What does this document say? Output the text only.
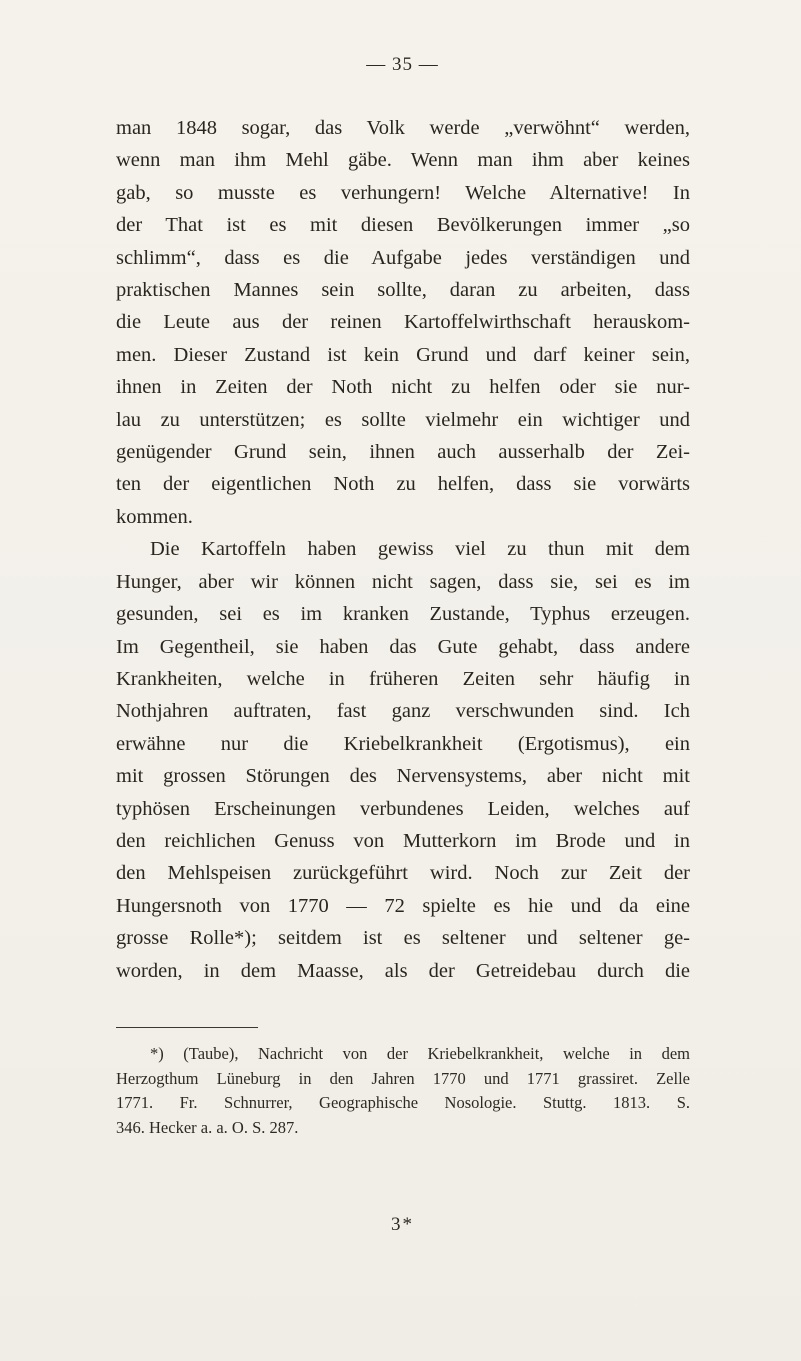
— 35 —
man 1848 sogar, das Volk werde „verwöhnt“ werden,
wenn man ihm Mehl gäbe. Wenn man ihm aber keines
gab, so musste es verhungern! Welche Alternative! In
der That ist es mit diesen Bevölkerungen immer „so
schlimm“, dass es die Aufgabe jedes verständigen und
praktischen Mannes sein sollte, daran zu arbeiten, dass
die Leute aus der reinen Kartoffelwirthschaft herauskom-
men. Dieser Zustand ist kein Grund und darf keiner sein,
ihnen in Zeiten der Noth nicht zu helfen oder sie nur-
lau zu unterstützen; es sollte vielmehr ein wichtiger und
genügender Grund sein, ihnen auch ausserhalb der Zei-
ten der eigentlichen Noth zu helfen, dass sie vorwärts
kommen.
Die Kartoffeln haben gewiss viel zu thun mit dem
Hunger, aber wir können nicht sagen, dass sie, sei es im
gesunden, sei es im kranken Zustande, Typhus erzeugen.
Im Gegentheil, sie haben das Gute gehabt, dass andere
Krankheiten, welche in früheren Zeiten sehr häufig in
Nothjahren auftraten, fast ganz verschwunden sind. Ich
erwähne nur die Kriebelkrankheit (Ergotismus), ein
mit grossen Störungen des Nervensystems, aber nicht mit
typhösen Erscheinungen verbundenes Leiden, welches auf
den reichlichen Genuss von Mutterkorn im Brode und in
den Mehlspeisen zurückgeführt wird. Noch zur Zeit der
Hungersnoth von 1770 — 72 spielte es hie und da eine
grosse Rolle*); seitdem ist es seltener und seltener ge-
worden, in dem Maasse, als der Getreidebau durch die
*) (Taube), Nachricht von der Kriebelkrankheit, welche in dem
Herzogthum Lüneburg in den Jahren 1770 und 1771 grassiret. Zelle
1771. Fr. Schnurrer, Geographische Nosologie. Stuttg. 1813. S.
346. Hecker a. a. O. S. 287.
3*
